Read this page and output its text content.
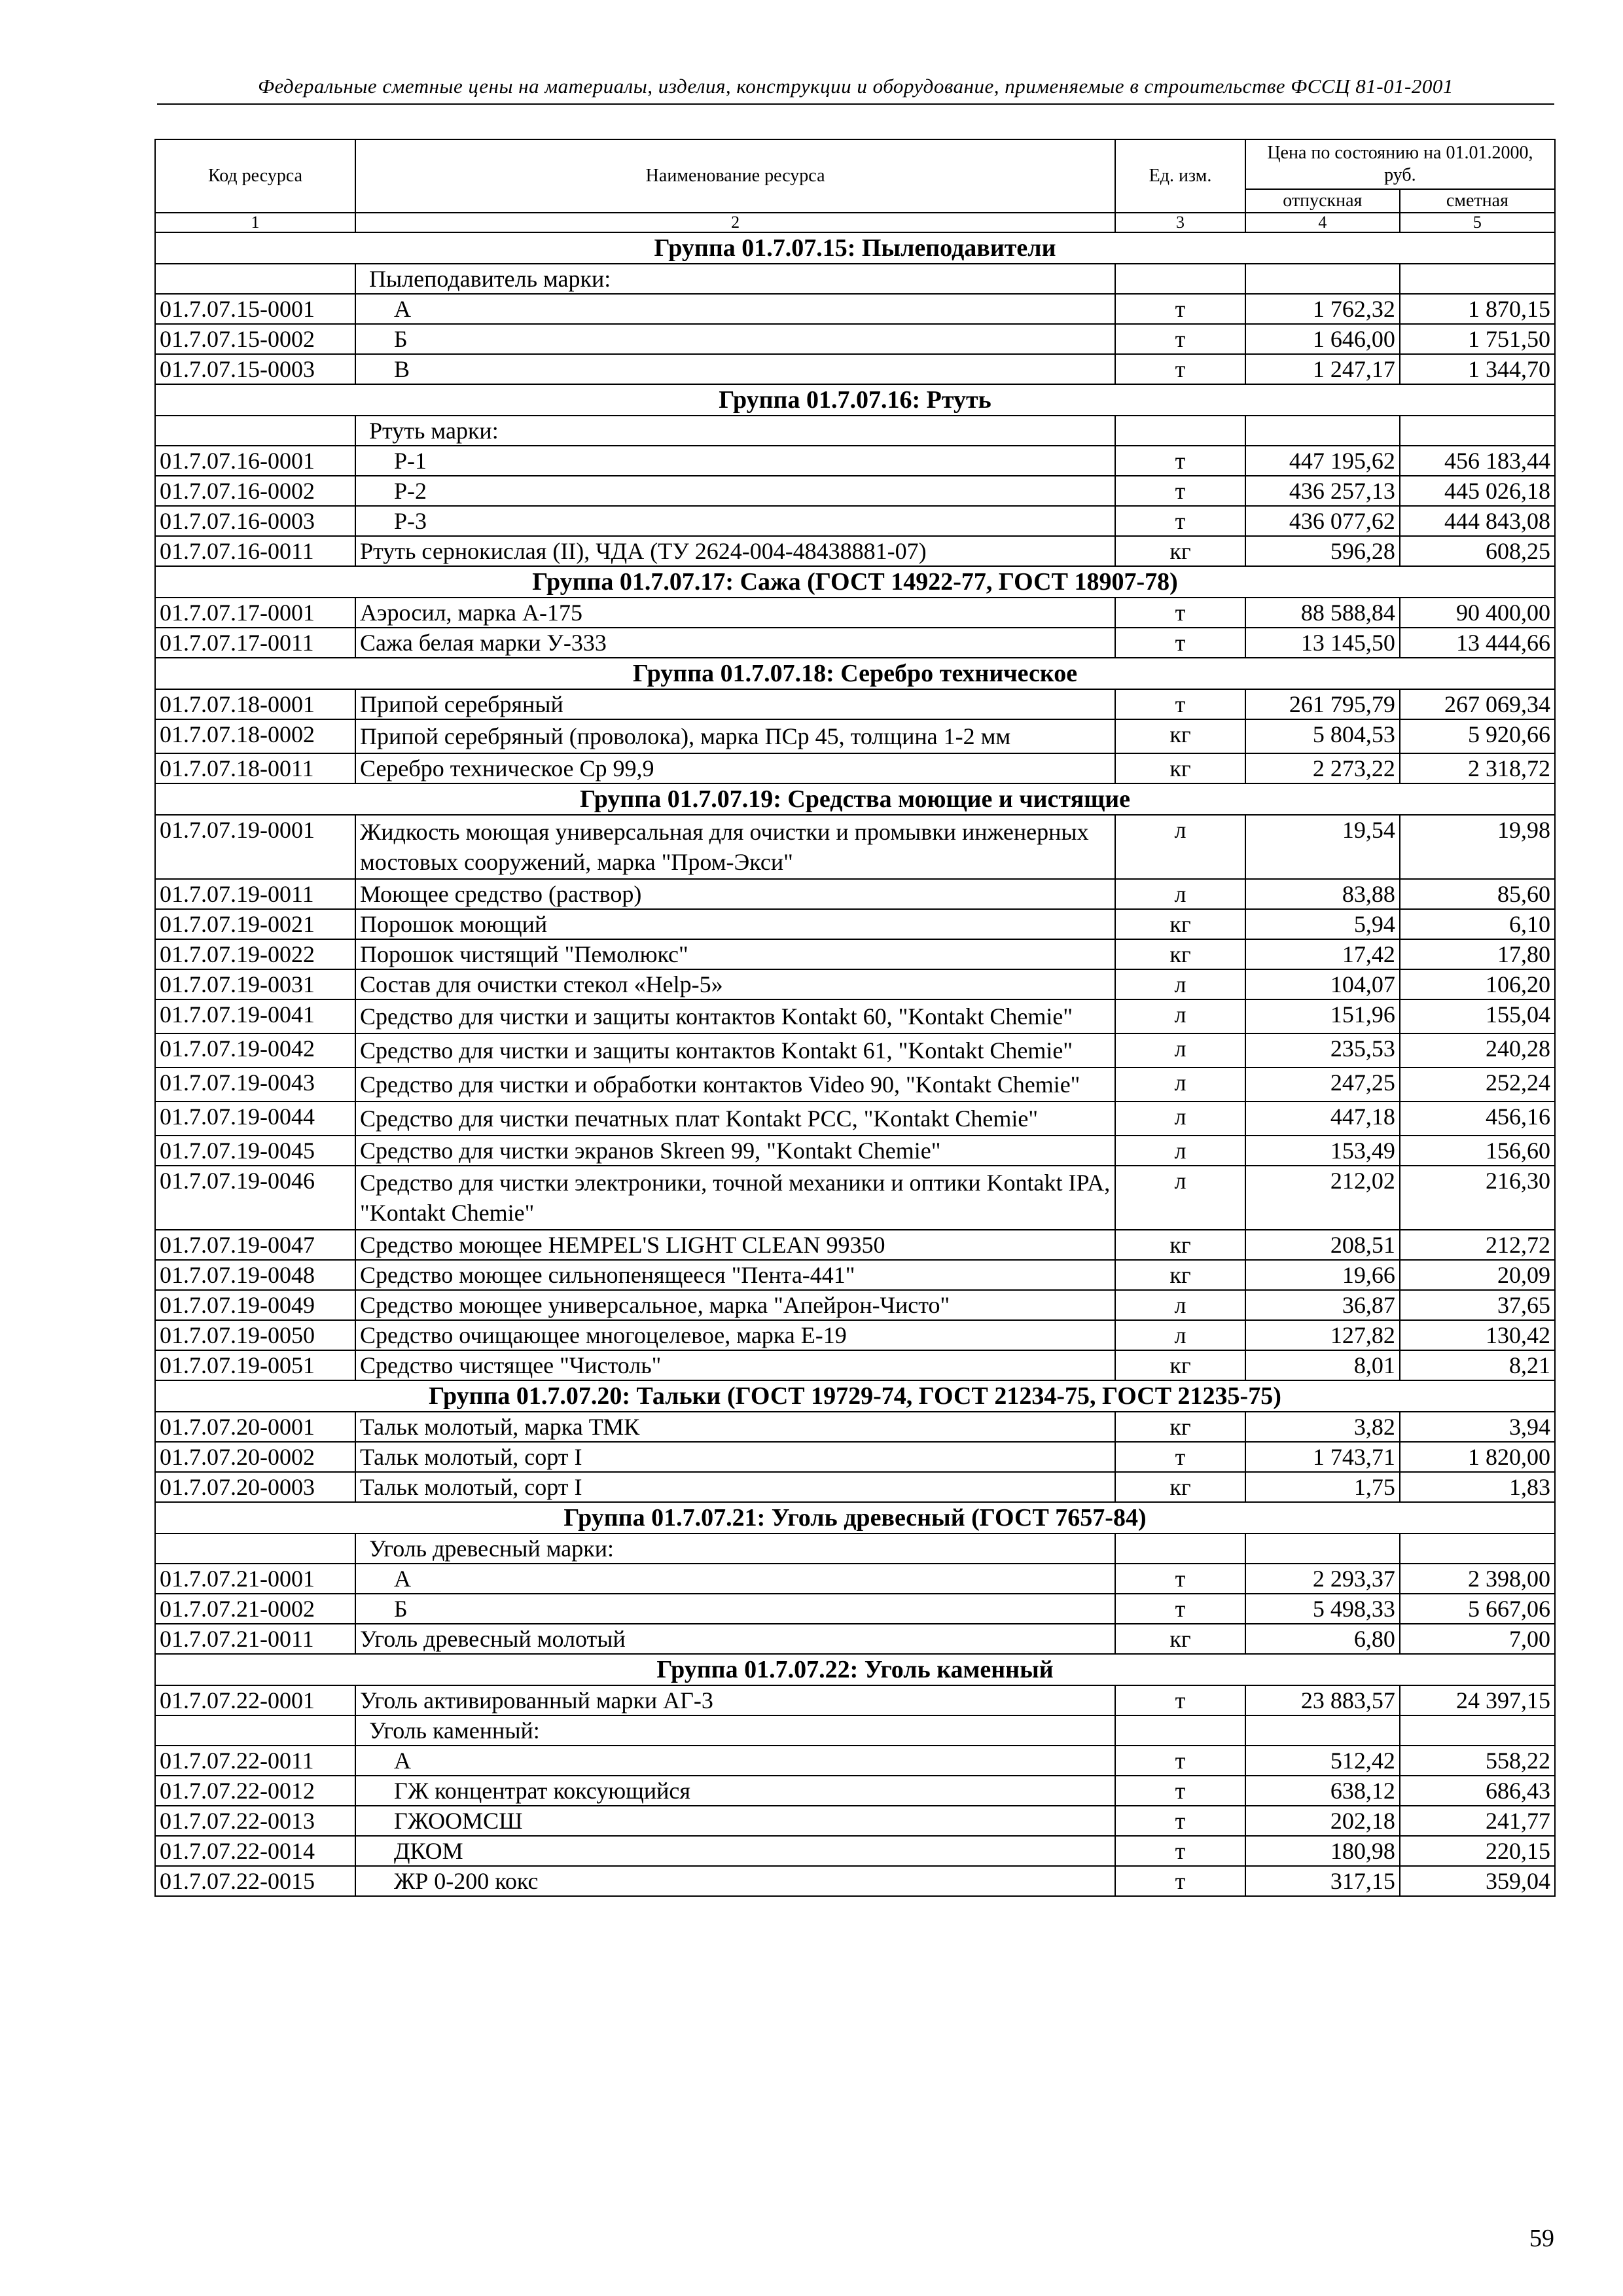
Федеральные сметные цены на материалы, изделия, конструкции и оборудование, применяемые в строительстве ФССЦ 81-01-2001
Код ресурса	Наименование ресурса	Ед. изм.	Цена по состоянию на 01.01.2000, руб.	
			отпускная	сметная
1	2	3	4	5
Группа 01.7.07.15: Пылеподавители				
	Пылеподавитель марки:			
01.7.07.15-0001	А	т	1 762,32	1 870,15
01.7.07.15-0002	Б	т	1 646,00	1 751,50
01.7.07.15-0003	В	т	1 247,17	1 344,70
Группа 01.7.07.16: Ртуть				
	Ртуть марки:			
01.7.07.16-0001	Р-1	т	447 195,62	456 183,44
01.7.07.16-0002	Р-2	т	436 257,13	445 026,18
01.7.07.16-0003	Р-3	т	436 077,62	444 843,08
01.7.07.16-0011	Ртуть сернокислая (II), ЧДА (ТУ 2624-004-48438881-07)	кг	596,28	608,25
Группа 01.7.07.17: Сажа (ГОСТ 14922-77, ГОСТ 18907-78)				
01.7.07.17-0001	Аэросил, марка А-175	т	88 588,84	90 400,00
01.7.07.17-0011	Сажа белая марки У-333	т	13 145,50	13 444,66
Группа 01.7.07.18: Серебро техническое				
01.7.07.18-0001	Припой серебряный	т	261 795,79	267 069,34
01.7.07.18-0002	Припой серебряный (проволока), марка ПСр 45, толщина 1-2 мм	кг	5 804,53	5 920,66
01.7.07.18-0011	Серебро техническое Ср 99,9	кг	2 273,22	2 318,72
Группа 01.7.07.19: Средства моющие и чистящие				
01.7.07.19-0001	Жидкость моющая универсальная для очистки и промывки инженерных мостовых сооружений, марка "Пром-Экси"	л	19,54	19,98
01.7.07.19-0011	Моющее средство (раствор)	л	83,88	85,60
01.7.07.19-0021	Порошок моющий	кг	5,94	6,10
01.7.07.19-0022	Порошок чистящий "Пемолюкс"	кг	17,42	17,80
01.7.07.19-0031	Состав для очистки стекол «Help-5»	л	104,07	106,20
01.7.07.19-0041	Средство для чистки и защиты контактов Kontakt 60, "Kontakt Chemie"	л	151,96	155,04
01.7.07.19-0042	Средство для чистки и защиты контактов Kontakt 61, "Kontakt Chemie"	л	235,53	240,28
01.7.07.19-0043	Средство для чистки и обработки контактов Video 90, "Kontakt Chemie"	л	247,25	252,24
01.7.07.19-0044	Средство для чистки печатных плат Kontakt PCC, "Kontakt Chemie"	л	447,18	456,16
01.7.07.19-0045	Средство для чистки экранов Skreen 99, "Kontakt Chemie"	л	153,49	156,60
01.7.07.19-0046	Средство для чистки электроники, точной механики и оптики Kontakt IPA, "Kontakt Chemie"	л	212,02	216,30
01.7.07.19-0047	Средство моющее HEMPEL'S LIGHT CLEAN 99350	кг	208,51	212,72
01.7.07.19-0048	Средство моющее сильнопенящееся "Пента-441"	кг	19,66	20,09
01.7.07.19-0049	Средство моющее универсальное, марка "Апейрон-Чисто"	л	36,87	37,65
01.7.07.19-0050	Средство очищающее многоцелевое, марка Е-19	л	127,82	130,42
01.7.07.19-0051	Средство чистящее "Чистоль"	кг	8,01	8,21
Группа 01.7.07.20: Тальки (ГОСТ 19729-74, ГОСТ 21234-75, ГОСТ 21235-75)				
01.7.07.20-0001	Тальк молотый, марка ТМК	кг	3,82	3,94
01.7.07.20-0002	Тальк молотый, сорт I	т	1 743,71	1 820,00
01.7.07.20-0003	Тальк молотый, сорт I	кг	1,75	1,83
Группа 01.7.07.21: Уголь древесный (ГОСТ 7657-84)				
	Уголь древесный марки:			
01.7.07.21-0001	А	т	2 293,37	2 398,00
01.7.07.21-0002	Б	т	5 498,33	5 667,06
01.7.07.21-0011	Уголь древесный молотый	кг	6,80	7,00
Группа 01.7.07.22: Уголь каменный				
01.7.07.22-0001	Уголь активированный марки АГ-3	т	23 883,57	24 397,15
	Уголь каменный:			
01.7.07.22-0011	А	т	512,42	558,22
01.7.07.22-0012	ГЖ концентрат коксующийся	т	638,12	686,43
01.7.07.22-0013	ГЖООМСШ	т	202,18	241,77
01.7.07.22-0014	ДКОМ	т	180,98	220,15
01.7.07.22-0015	ЖР 0-200 кокс	т	317,15	359,04
59
